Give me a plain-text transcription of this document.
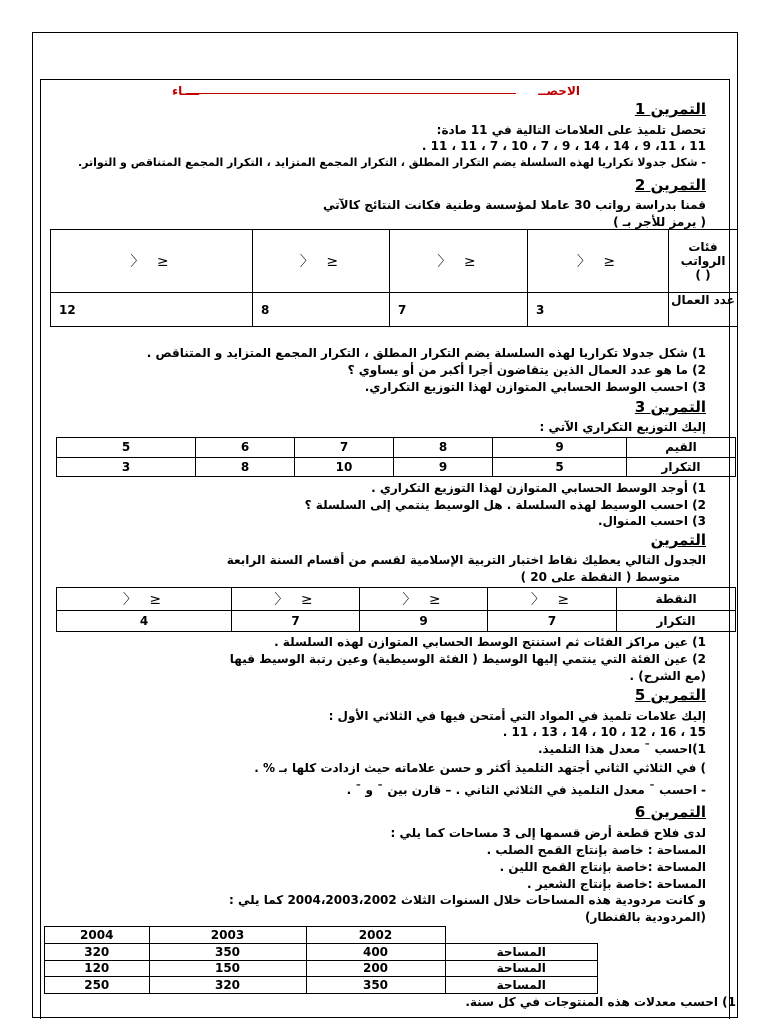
الاحصــ
ــــاء
التمرين 1
تحصل تلميذ على العلامات التالية في 11 مادة:
11 ، 11، 9 ، 14 ، 14 ، 9 ، 7 ، 10 ، 7 ، 11 ، 11 .
- شكل جدولا تكراريا لهذه السلسلة يضم التكرار المطلق ، التكرار المجمع المتزايد ، التكرار المجمع المتناقص و التواتر.
التمرين 2
قمنا بدراسة رواتب 30 عاملا لمؤسسة وطنية فكانت النتائج كالآتي
( يرمز للأجر بـ )
فئات
الرواتب
( )	≤ 〈	≤ 〈	≤ 〈	≤ 〈
عدد العمال	3	7	8	12
1) شكل جدولا تكراريا لهذه السلسلة يضم التكرار المطلق ، التكرار المجمع المتزايد و المتناقص .
2) ما هو عدد العمال الذين يتقاضون أجرا أكبر من أو يساوي ؟
3) احسب الوسط الحسابي المتوازن لهذا التوزيع التكراري.
التمرين 3
إليك التوزيع التكراري الآتي :
القيم	9	8	7	6	5
التكرار	5	9	10	8	3
1) أوجد الوسط الحسابي المتوازن لهذا التوزيع التكراري .
2) احسب الوسيط لهذه السلسلة . هل الوسيط ينتمي إلى السلسلة ؟
3) احسب المنوال.
التمرين
الجدول التالي يعطيك نقاط اختبار التربية الإسلامية لقسم من أقسام السنة الرابعة
متوسط ( النقطة على 20 )
النقطة	≤ 〈	≤ 〈	≤ 〈	≤ 〈
التكرار	7	9	7	4
1) عين مراكز الفئات ثم استنتج الوسط الحسابي المتوازن لهذه السلسلة .
2) عين الفئة التي ينتمي إليها الوسيط ( الفئة الوسيطية) وعين رتبة الوسيط فيها
(مع الشرح) .
التمرين 5
إليك علامات تلميذ في المواد التي أمتحن فيها في الثلاثي الأول :
15 ، 16 ، 12 ، 10 ، 14 ، 13 ، 11 .
1)احسب ¯ معدل هذا التلميذ.
) في الثلاثي الثاني أجتهد التلميذ أكثر و حسن علاماته حيث ازدادت كلها بـ % .
- احسب ¯ معدل التلميذ في الثلاثي الثاني . – قارن بين ¯ و ¯ .
التمرين 6
لدى فلاح قطعة أرض قسمها إلى 3 مساحات كما يلي :
المساحة : خاصة بإنتاج القمح الصلب .
المساحة :خاصة بإنتاج القمح اللين .
المساحة :خاصة بإنتاج الشعير .
و كانت مردودية هذه المساحات خلال السنوات الثلاث 2004،2003،2002 كما يلي :
(المردودية بالقنطار)
	2002	2003	2004
المساحة	400	350	320
المساحة	200	150	120
المساحة	350	320	250
1) احسب معدلات هذه المنتوجات في كل سنة.
